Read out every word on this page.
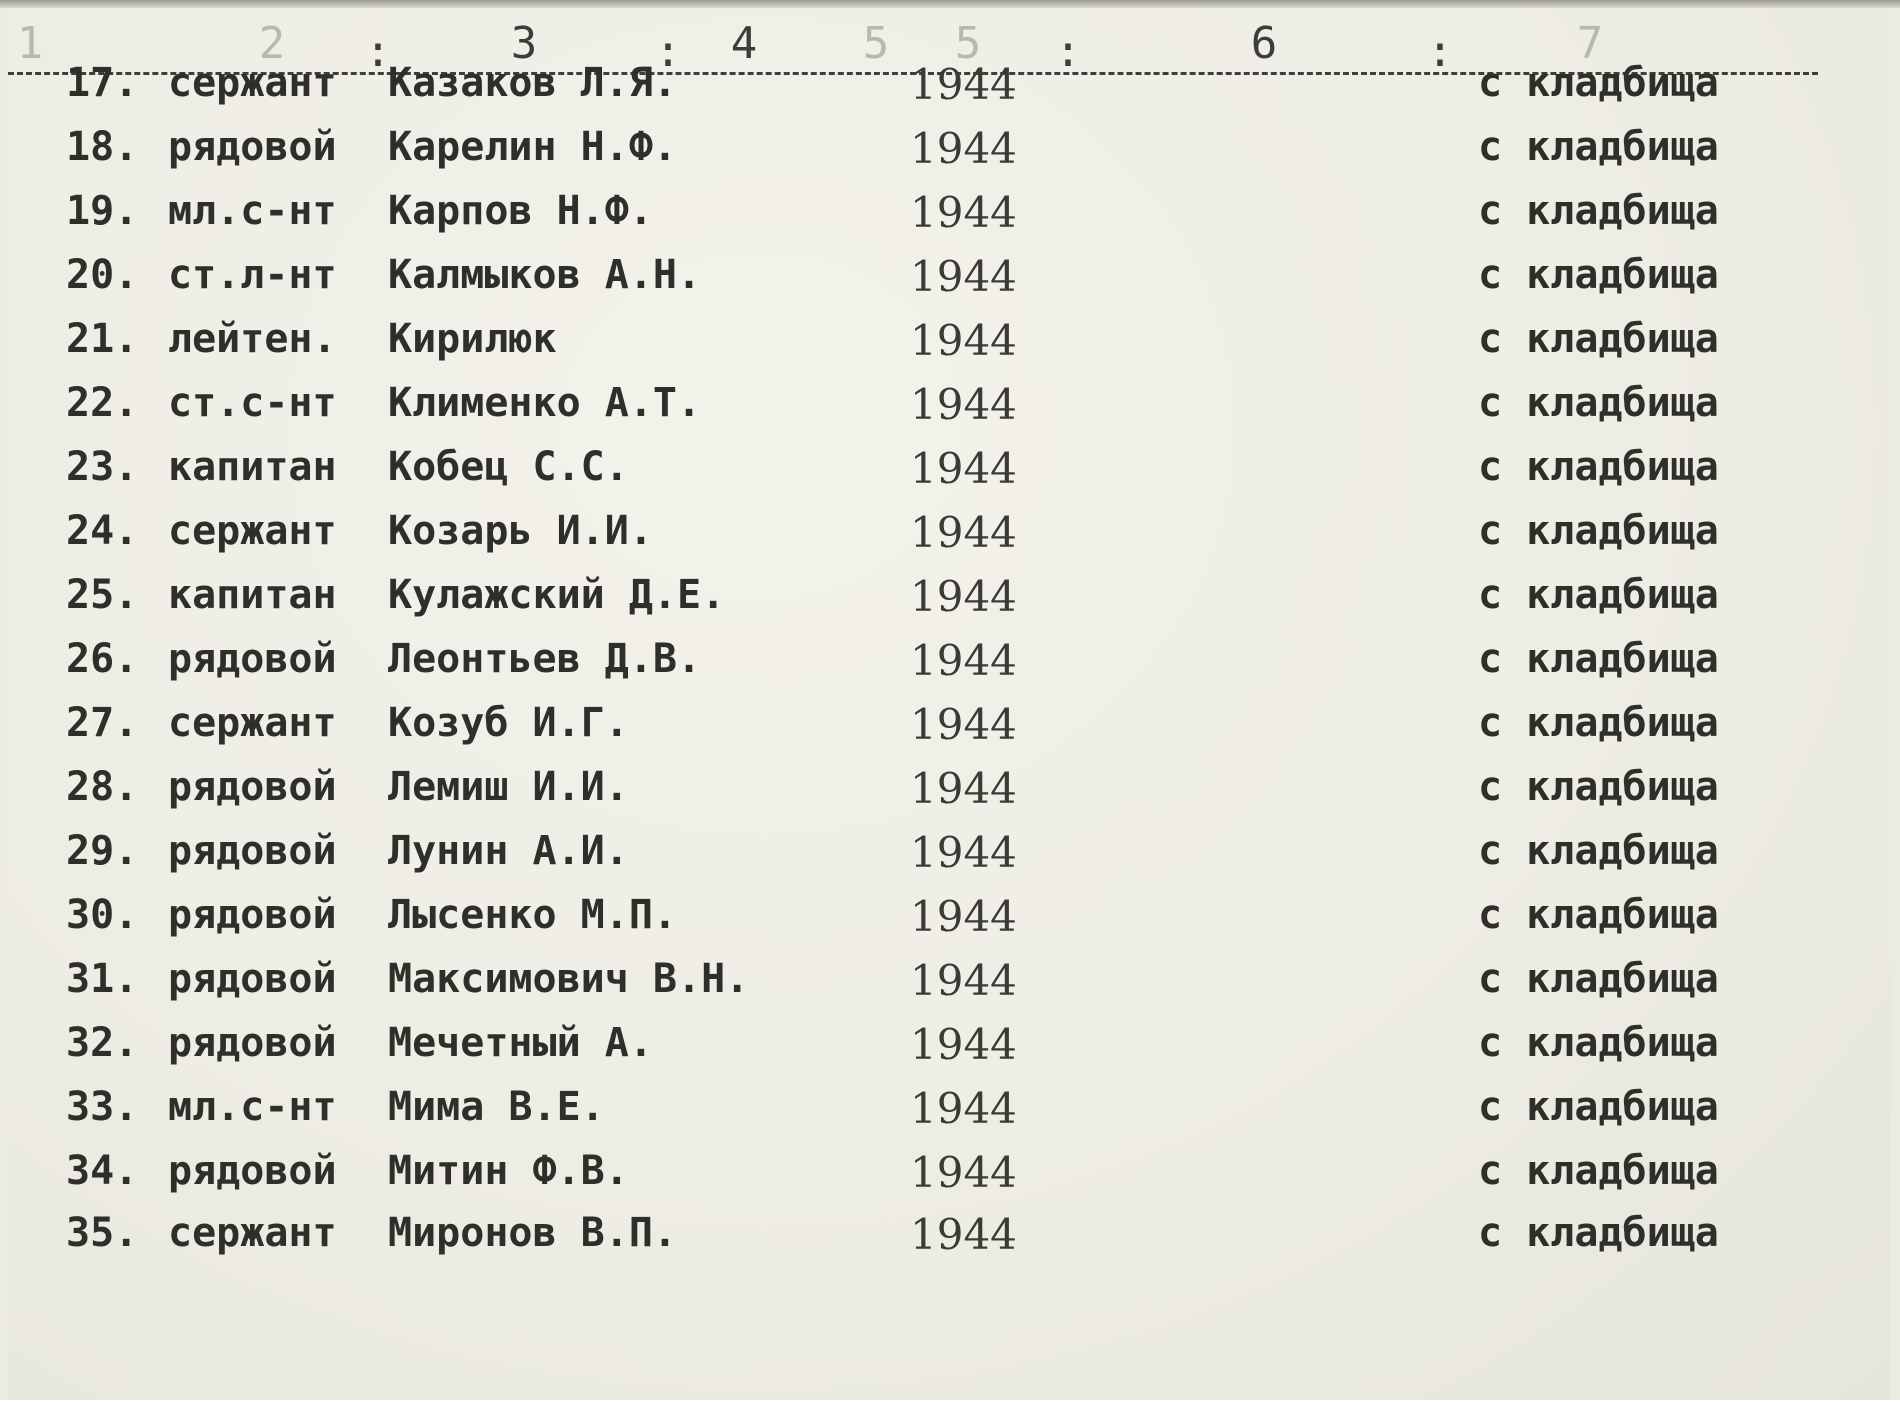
1	2 :	3	: 4 5 5 :	6	:	7
17. сержант Казаков Л.Я.	1944	с кладбища
18. рядовой Карелин Н.Ф.	1944	с кладбища
19. мл.с-нт Карпов Н.Ф.	1944	с кладбища
20. ст.л-нт Калмыков А.Н.	1944	с кладбища
21. лейтен. Кирилюк	1944	с кладбища
22. ст.с-нт Клименко А.Т.	1944	с кладбища
23. капитан Кобец С.С.	1944	с кладбища
24. сержант Козарь И.И.	1944	с кладбища
25. капитан Кулажский Д.Е.	1944	с кладбища
26. рядовой Леонтьев Д.В.	1944	с кладбища
27. сержант Козуб И.Г.	1944	с кладбища
28. рядовой Лемиш И.И.	1944	с кладбища
29. рядовой Лунин А.И.	1944	с кладбища
30. рядовой Лысенко М.П.	1944	с кладбища
31. рядовой Максимович В.Н.	1944	с кладбища
32. рядовой Мечетный А.	1944	с кладбища
33. мл.с-нт Мима В.Е.	1944	с кладбища
34. рядовой Митин Ф.В.	1944	с кладбища
35. сержант Миронов В.П.	1944	с кладбища
